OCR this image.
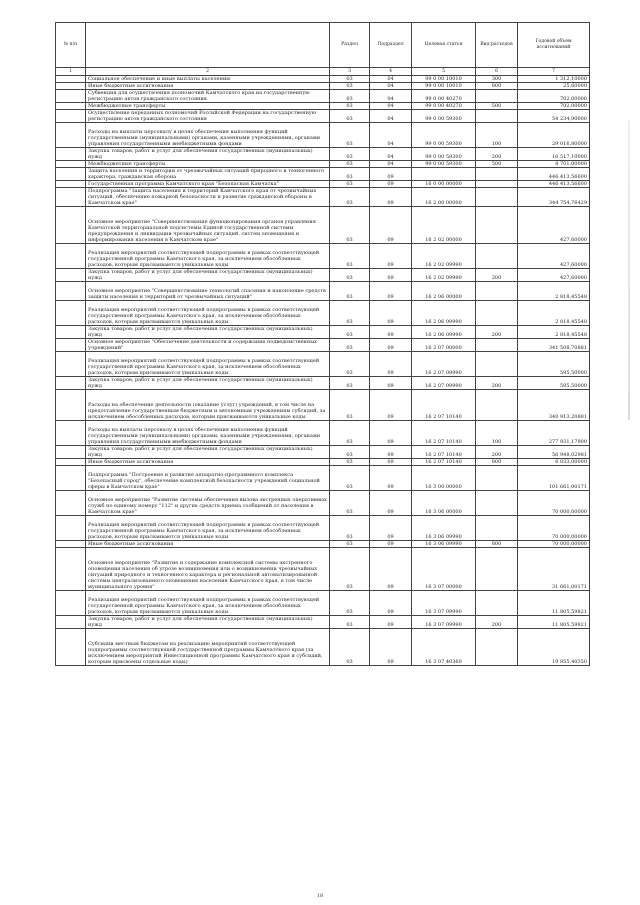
№ п/п		Раздел	Подраздел	Целевая статья	Вид расходов	Годовой объем ассигнований
1	2	3	4	5	6	7
	Социальное обеспечение и иные выплаты населению	03	04	99 0 00 10010	300	1 312,10000
	Иные бюджетные ассигнования	03	04	99 0 00 10010	800	25,60000
	Субвенция для осуществления полномочий Камчатского края на государственную регистрацию актов гражданского состояния	03	04	99 0 00 40270		702,00000
	Межбюджетные трансферты	03	04	99 0 00 40270	500	702,00000
	Осуществление переданных полномочий Российской Федерации на государственную регистрацию актов гражданского состояния	03	04	99 0 00 59300		54 234,90000
	Расходы на выплаты персоналу в целях обеспечения выполнения функций государственными (муниципальными) органами, казенными учреждениями, органами управления государственными внебюджетными фондами	03	04	99 0 00 59300	100	29 016,80000
	Закупка товаров, работ и услуг для обеспечения государственных (муниципальных) нужд	03	04	99 0 00 59300	200	16 517,10000
	Межбюджетные трансферты	03	04	99 0 00 59300	500	8 701,00000
	Защита населения и территории от чрезвычайных ситуаций природного и техногенного характера, гражданская оборона	03	09			446 413,56600
	Государственная программа Камчатского края "Безопасная Камчатка"	03	09	16 0 00 00000		446 413,56600
	Подпрограмма "Защита населения и территорий Камчатского края от чрезвычайных ситуаций, обеспечение пожарной безопасности и развитие гражданской обороны в Камчатском крае"	03	09	16 2 00 00000		344 754,76429
	Основное мероприятие "Совершенствование функционирования органов управления Камчатской территориальной подсистемы Единой государственной системы предупреждения и ликвидации чрезвычайных ситуаций, систем оповещения и информирования населения в Камчатском крае"	03	09	16 2 02 00000		427,60000
	Реализация мероприятий соответствующей подпрограммы в рамках соответствующей государственной программы Камчатского края, за исключением обособленных расходов, которым присваиваются уникальные коды	03	09	16 2 02 09990		427,60000
	Закупка товаров, работ и услуг для обеспечения государственных (муниципальных) нужд	03	09	16 2 02 09990	200	427,60000
	Основное мероприятие "Совершенствование технологий спасения и накопление средств защиты населения и территорий от чрезвычайных ситуаций"	03	09	16 2 06 00000		2 818,45548
	Реализация мероприятий соответствующей подпрограммы в рамках соответствующей государственной программы Камчатского края, за исключением обособленных расходов, которым присваиваются уникальные коды	03	09	16 2 06 09990		2 818,45548
	Закупка товаров, работ и услуг для обеспечения государственных (муниципальных) нужд	03	09	16 2 06 09990	200	2 818,45548
	Основное мероприятие "Обеспечение деятельности и содержание подведомственных учреждений"	03	09	16 2 07 00000		341 508,70881
	Реализация мероприятий соответствующей подпрограммы в рамках соответствующей государственной программы Камчатского края, за исключением обособленных расходов, которым присваиваются уникальные коды	03	09	16 2 07 09990		595,50000
	Закупка товаров, работ и услуг для обеспечения государственных (муниципальных) нужд	03	09	16 2 07 09990	200	595,50000
	Расходы на обеспечение деятельности (оказание услуг) учреждений, в том числе на предоставление государственным бюджетным и автономным учреждениям субсидий, за исключением обособленных расходов, которым присваиваются уникальные коды	03	09	16 2 07 10140		340 913,20881
	Расходы на выплаты персоналу в целях обеспечения выполнения функций государственными (муниципальными) органами, казенными учреждениями, органами управления государственными внебюджетными фондами	03	09	16 2 07 10140	100	277 931,17900
	Закупка товаров, работ и услуг для обеспечения государственных (муниципальных) нужд	03	09	16 2 07 10140	200	56 948,02981
	Иные бюджетные ассигнования	03	09	16 2 07 10140	800	6 033,00000
	Подпрограмма "Построение и развитие аппаратно-программного комплекса "Безопасный город", обеспечение комплексной безопасности учреждений социальной сферы в Камчатском крае"	03	09	16 3 00 00000		101 661,00171
	Основное мероприятие "Развитие системы обеспечения вызова экстренных оперативных служб по единому номеру "112" и других средств приема сообщений от населения в Камчатском крае"	03	09	16 3 06 00000		70 000,00000
	Реализация мероприятий соответствующей подпрограммы в рамках соответствующей государственной программы Камчатского края, за исключением обособленных расходов, которым присваиваются уникальные коды	03	09	16 3 06 09990		70 000,00000
	Иные бюджетные ассигнования	03	09	16 3 06 09990	800	70 000,00000
	Основное мероприятие "Развитие и содержание комплексной системы экстренного оповещения населения об угрозе возникновения или о возникновении чрезвычайных ситуаций природного и техногенного характера и региональной автоматизированной системы централизованного оповещения населения Камчатского края, в том числе муниципального уровня"	03	09	16 3 07 00000		31 661,00171
	Реализация мероприятий соответствующей подпрограммы в рамках соответствующей государственной программы Камчатского края, за исключением обособленных расходов, которым присваиваются уникальные коды	03	09	16 3 07 09990		11 805,59821
	Закупка товаров, работ и услуг для обеспечения государственных (муниципальных) нужд	03	09	16 3 07 09990	200	11 805,59821
	Субсидии местным бюджетам на реализацию мероприятий соответствующей подпрограммы соответствующей государственной программы Камчатского края (за исключением мероприятий Инвестиционной программы Камчатского края и субсидий, которым присвоены отдельные коды)	03	09	16 3 07 40360		19 855,40350
18
